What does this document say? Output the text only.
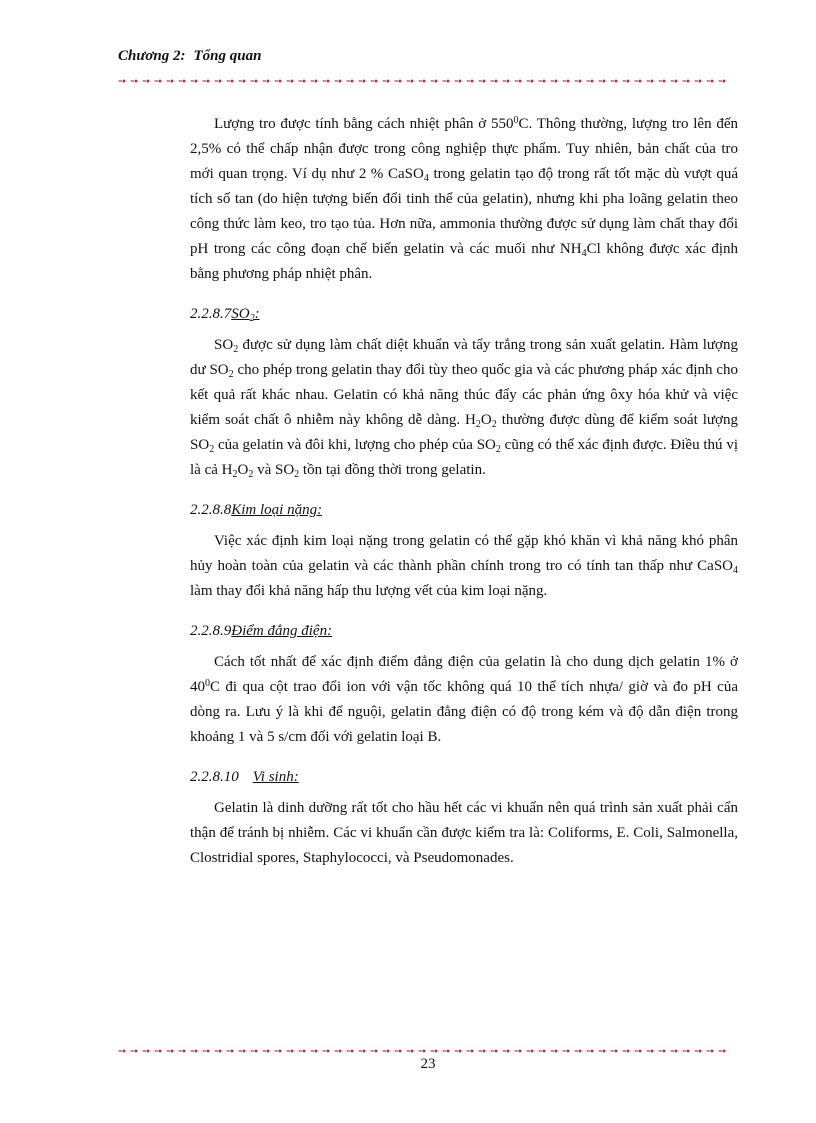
Chương 2: Tổng quan

Lượng tro được tính bằng cách nhiệt phân ở $550^0C$. Thông thường, lượng tro lên đến 2,5% có thể chấp nhận được trong công nghiệp thực phẩm. Tuy nhiên, bản chất của tro mới quan trọng. Ví dụ như 2 % CaSO$_4$ trong gelatin tạo độ trong rất tốt mặc dù vượt quá tích số tan (do hiện tượng biến đổi tinh thể của gelatin), nhưng khi pha loãng gelatin theo công thức làm keo, tro tạo tủa. Hơn nữa, ammonia thường được sử dụng làm chất thay đổi pH trong các công đoạn chế biến gelatin và các muối như $NH_4Cl$ không được xác định bằng phương pháp nhiệt phân.

$2.2.8.7SO_2$:

$SO_2$ được sử dụng làm chất diệt khuẩn và tẩy trắng trong sản xuất gelatin. Hàm lượng dư $SO_2$ cho phép trong gelatin thay đổi tùy theo quốc gia và các phương pháp xác định cho kết quả rất khác nhau. Gelatin có khả năng thúc đẩy các phản ứng ôxy hóa khử và việc kiểm soát chất ô nhiễm này không dễ dàng. $H_2O_2$ thường được dùng để kiểm soát lượng $SO_2$ của gelatin và đôi khi, lượng cho phép của $SO_2$ cũng có thể xác định được. Điều thú vị là cả $H_2O_2$ và $SO_2$ tồn tại đồng thời trong gelatin.

2.2.8.8Kim loại nặng:

Việc xác định kim loại nặng trong gelatin có thể gặp khó khăn vì khả năng khó phân hủy hoàn toàn của gelatin và các thành phần chính trong tro có tính tan thấp như CaSO$_4$ làm thay đổi khả năng hấp thu lượng vết của kim loại nặng.

2.2.8.9Điểm đẳng điện:

Cách tốt nhất để xác định điểm đẳng điện của gelatin là cho dung dịch gelatin 1% ở $40^0C$ đi qua cột trao đổi ion với vận tốc không quá 10 thể tích nhựa/ giờ và đo pH của dòng ra. Lưu ý là khi để nguội, gelatin đẳng điện có độ trong kém và độ dẫn điện trong khoảng 1 và 5 s/cm đối với gelatin loại B.

2.2.8.10 Vi sinh:

Gelatin là dinh dưỡng rất tốt cho hầu hết các vi khuẩn nên quá trình sản xuất phải cẩn thận để tránh bị nhiễm. Các vi khuẩn cần được kiểm tra là: Coliforms, E. Coli, Salmonella, Clostridial spores, Staphylococci, và Pseudomonades.

23
